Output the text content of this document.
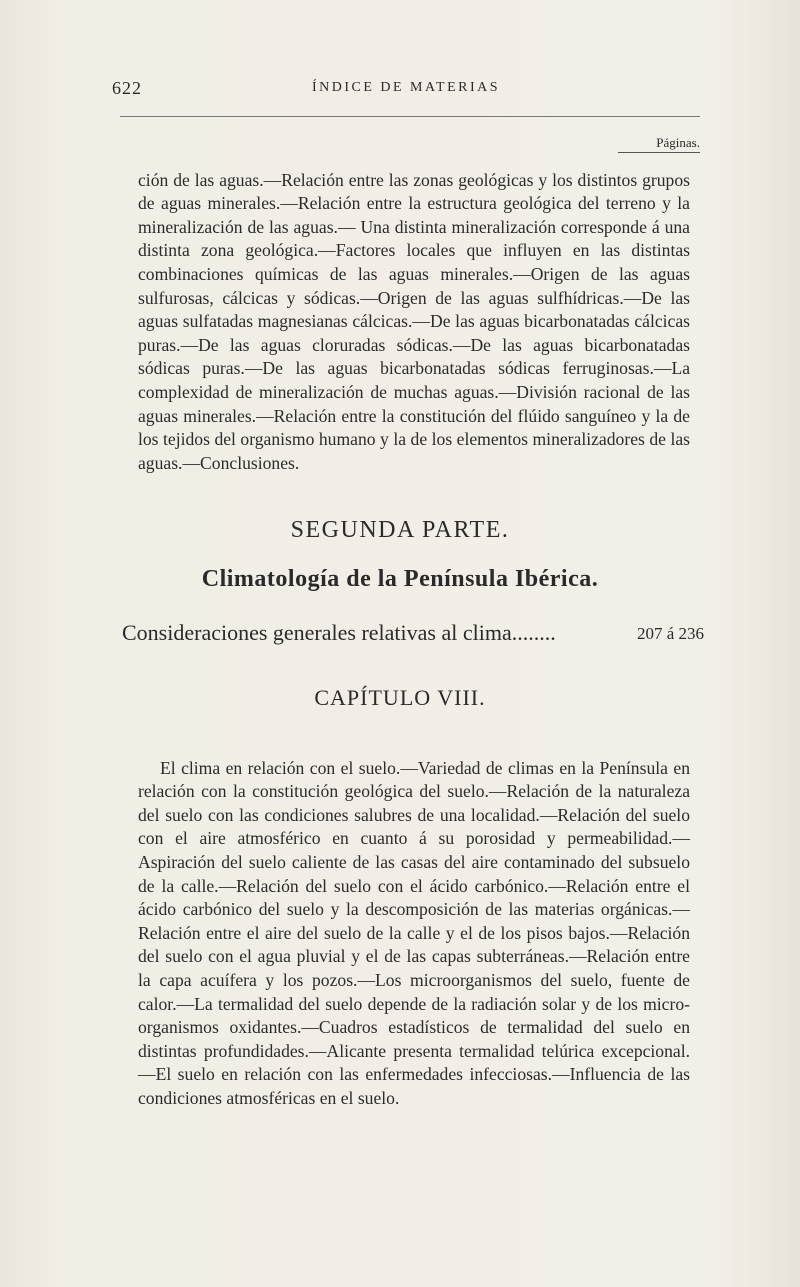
622	ÍNDICE DE MATERIAS
Páginas.

ción de las aguas.—Relación entre las zonas geológicas y los distintos grupos de aguas minerales.—Relación entre la estructura geológica del terreno y la mineralización de las aguas.— Una distinta mineralización corresponde á una distinta zona geológica.—Factores locales que influyen en las distintas combinaciones químicas de las aguas minerales.—Origen de las aguas sulfurosas, cálcicas y sódicas.—Origen de las aguas sulfhídricas.—De las aguas sulfatadas magnesianas cálcicas.—De las aguas bicarbonatadas cálcicas puras.—De las aguas cloruradas sódicas.—De las aguas bicarbonatadas sódicas puras.—De las aguas bicarbonatadas sódicas ferruginosas.—La complexidad de mineralización de muchas aguas.—División racional de las aguas minerales.—Relación entre la constitución del flúido sanguíneo y la de los tejidos del organismo humano y la de los elementos mineralizadores de las aguas.—Conclusiones.

SEGUNDA PARTE.
Climatología de la Península Ibérica.
Consideraciones generales relativas al clima........	207 á 236
CAPÍTULO VIII.

El clima en relación con el suelo.—Variedad de climas en la Península en relación con la constitución geológica del suelo.—Relación de la naturaleza del suelo con las condiciones salubres de una localidad.—Relación del suelo con el aire atmosférico en cuanto á su porosidad y permeabilidad.—Aspiración del suelo caliente de las casas del aire contaminado del subsuelo de la calle.—Relación del suelo con el ácido carbónico.—Relación entre el ácido carbónico del suelo y la descomposición de las materias orgánicas.—Relación entre el aire del suelo de la calle y el de los pisos bajos.—Relación del suelo con el agua pluvial y el de las capas subterráneas.—Relación entre la capa acuífera y los pozos.—Los microorganismos del suelo, fuente de calor.—La termalidad del suelo depende de la radiación solar y de los micro-organismos oxidantes.—Cuadros estadísticos de termalidad del suelo en distintas profundidades.—Alicante presenta termalidad telúrica excepcional.—El suelo en relación con las enfermedades infecciosas.—Influencia de las condiciones atmosféricas en el suelo.
